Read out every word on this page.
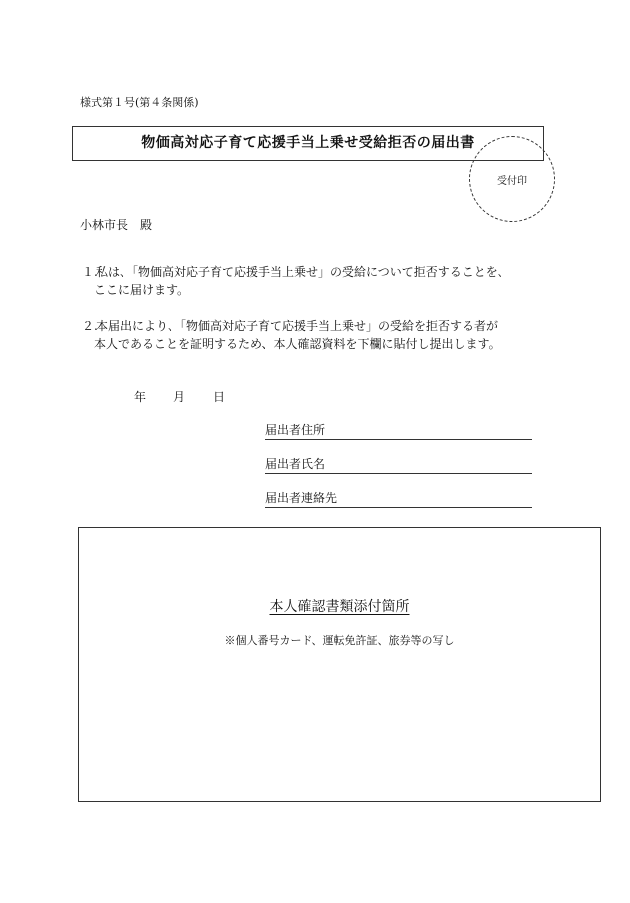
様式第１号(第４条関係)
物価高対応子育て応援手当上乗せ受給拒否の届出書
受付印
小林市長　殿
１.私は､「物価高対応子育て応援手当上乗せ」の受給について拒否することを､
ここに届けます。
２.本届出により､「物価高対応子育て応援手当上乗せ」の受給を拒否する者が
本人であることを証明するため、本人確認資料を下欄に貼付し提出します。
年 月 日
届出者住所
届出者氏名
届出者連絡先
本人確認書類添付箇所
※個人番号カード、運転免許証、旅券等の写し
